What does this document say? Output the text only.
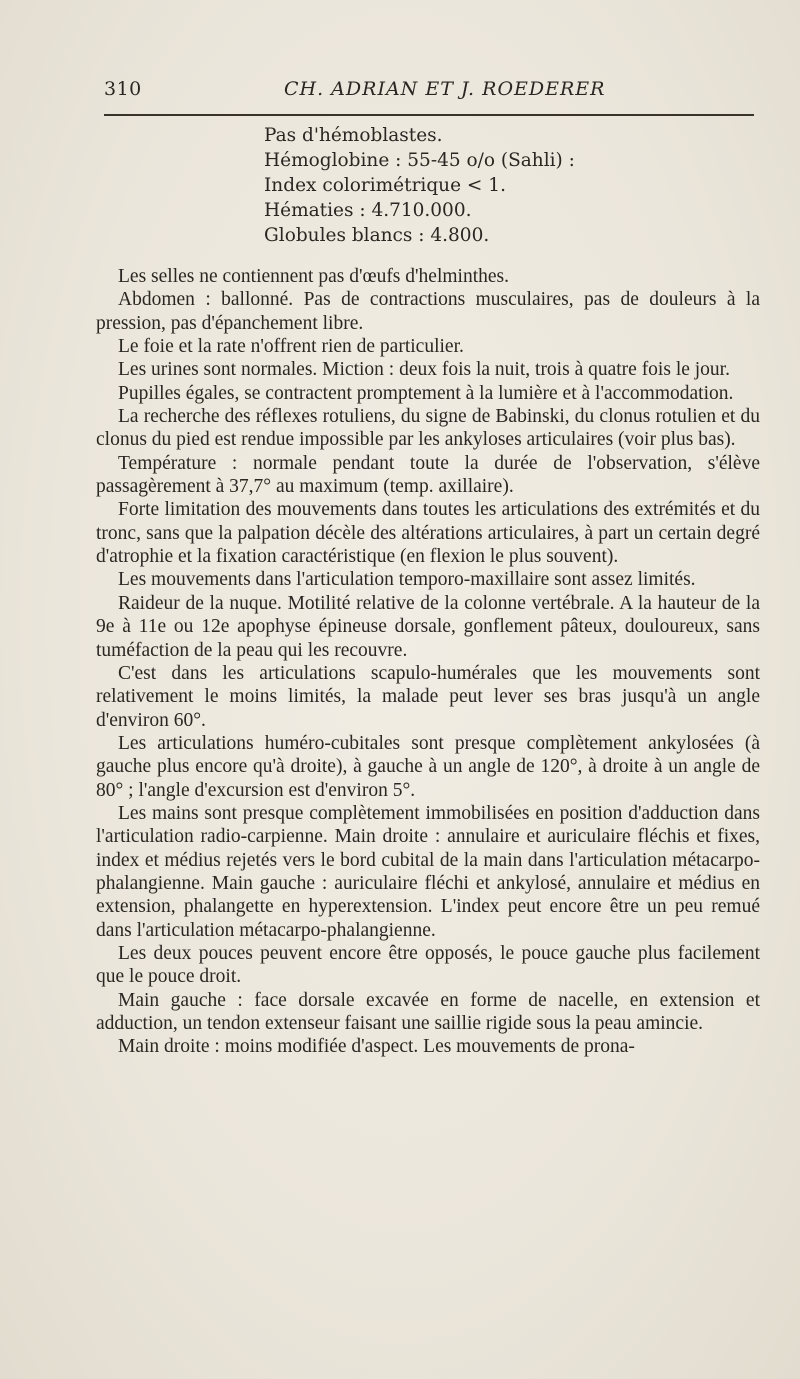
310	CH. ADRIAN ET J. ROEDERER
Pas d'hémoblastes.
Hémoglobine : 55-45 o/o (Sahli) :
Index colorimétrique < 1.
Hématies : 4.710.000.
Globules blancs : 4.800.

Les selles ne contiennent pas d'œufs d'helminthes.

Abdomen : ballonné. Pas de contractions musculaires, pas de douleurs à la pression, pas d'épanchement libre.

Le foie et la rate n'offrent rien de particulier.

Les urines sont normales. Miction : deux fois la nuit, trois à quatre fois le jour.

Pupilles égales, se contractent promptement à la lumière et à l'accommodation.

La recherche des réflexes rotuliens, du signe de Babinski, du clonus rotulien et du clonus du pied est rendue impossible par les ankyloses articulaires (voir plus bas).

Température : normale pendant toute la durée de l'observation, s'élève passagèrement à 37,7° au maximum (temp. axillaire).

Forte limitation des mouvements dans toutes les articulations des extrémités et du tronc, sans que la palpation décèle des altérations articulaires, à part un certain degré d'atrophie et la fixation caractéristique (en flexion le plus souvent).

Les mouvements dans l'articulation temporo-maxillaire sont assez limités.

Raideur de la nuque. Motilité relative de la colonne vertébrale. A la hauteur de la 9e à 11e ou 12e apophyse épineuse dorsale, gonflement pâteux, douloureux, sans tuméfaction de la peau qui les recouvre.

C'est dans les articulations scapulo-humérales que les mouvements sont relativement le moins limités, la malade peut lever ses bras jusqu'à un angle d'environ 60°.

Les articulations huméro-cubitales sont presque complètement ankylosées (à gauche plus encore qu'à droite), à gauche à un angle de 120°, à droite à un angle de 80° ; l'angle d'excursion est d'environ 5°.

Les mains sont presque complètement immobilisées en position d'adduction dans l'articulation radio-carpienne. Main droite : annulaire et auriculaire fléchis et fixes, index et médius rejetés vers le bord cubital de la main dans l'articulation métacarpo-phalangienne. Main gauche : auriculaire fléchi et ankylosé, annulaire et médius en extension, phalangette en hyperextension. L'index peut encore être un peu remué dans l'articulation métacarpo-phalangienne.

Les deux pouces peuvent encore être opposés, le pouce gauche plus facilement que le pouce droit.

Main gauche : face dorsale excavée en forme de nacelle, en extension et adduction, un tendon extenseur faisant une saillie rigide sous la peau amincie.

Main droite : moins modifiée d'aspect. Les mouvements de prona-
